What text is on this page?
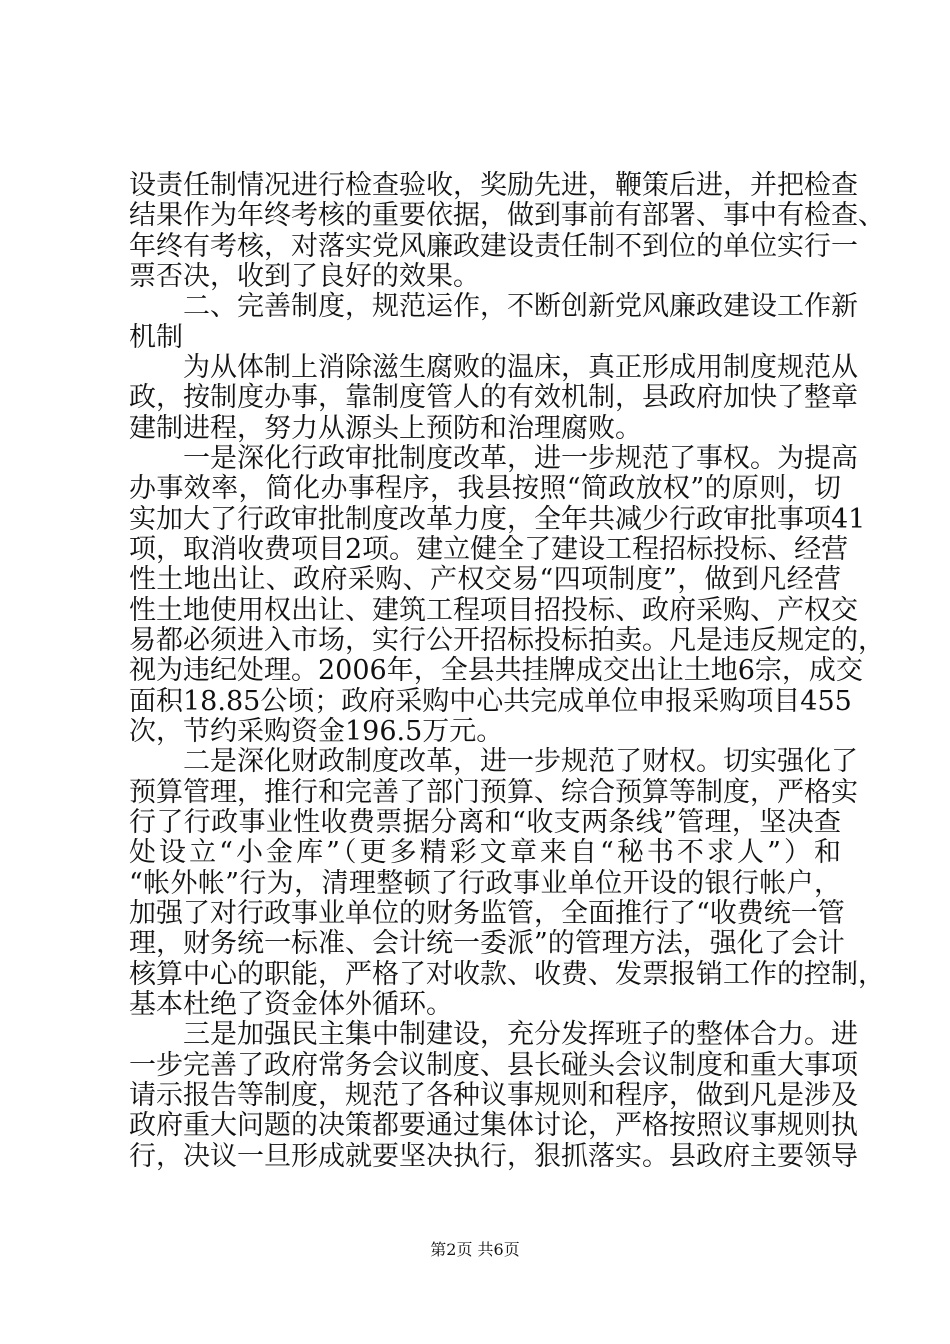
设责任制情况进行检查验收，奖励先进，鞭策后进，并把检查
结果作为年终考核的重要依据，做到事前有部署、事中有检查、
年终有考核，对落实党风廉政建设责任制不到位的单位实行一
票否决，收到了良好的效果。
　　二、完善制度，规范运作，不断创新党风廉政建设工作新
机制
　　为从体制上消除滋生腐败的温床，真正形成用制度规范从
政，按制度办事，靠制度管人的有效机制，县政府加快了整章
建制进程，努力从源头上预防和治理腐败。
　　一是深化行政审批制度改革，进一步规范了事权。为提高
办事效率，简化办事程序，我县按照“简政放权”的原则，切
实加大了行政审批制度改革力度，全年共减少行政审批事项41
项，取消收费项目2项。建立健全了建设工程招标投标、经营
性土地出让、政府采购、产权交易“四项制度”，做到凡经营
性土地使用权出让、建筑工程项目招投标、政府采购、产权交
易都必须进入市场，实行公开招标投标拍卖。凡是违反规定的，
视为违纪处理。2006年，全县共挂牌成交出让土地6宗，成交
面积18.85公顷；政府采购中心共完成单位申报采购项目455
次，节约采购资金196.5万元。
　　二是深化财政制度改革，进一步规范了财权。切实强化了
预算管理，推行和完善了部门预算、综合预算等制度，严格实
行了行政事业性收费票据分离和“收支两条线”管理，坚决查
处设立“小金库”（更多精彩文章来自“秘书不求人”）和
“帐外帐”行为，清理整顿了行政事业单位开设的银行帐户，
加强了对行政事业单位的财务监管，全面推行了“收费统一管
理，财务统一标准、会计统一委派”的管理方法，强化了会计
核算中心的职能，严格了对收款、收费、发票报销工作的控制，
基本杜绝了资金体外循环。
　　三是加强民主集中制建设，充分发挥班子的整体合力。进
一步完善了政府常务会议制度、县长碰头会议制度和重大事项
请示报告等制度，规范了各种议事规则和程序，做到凡是涉及
政府重大问题的决策都要通过集体讨论，严格按照议事规则执
行，决议一旦形成就要坚决执行，狠抓落实。县政府主要领导
第2页 共6页
